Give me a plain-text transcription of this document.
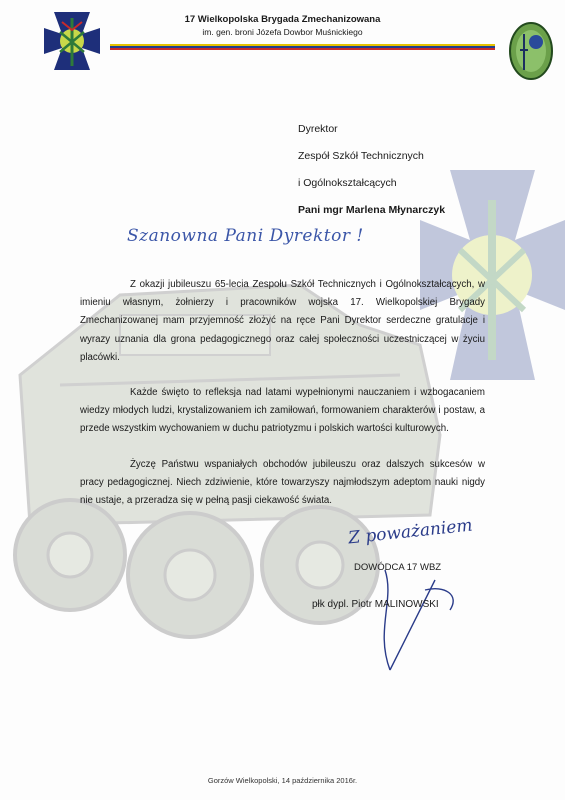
17 Wielkopolska Brygada Zmechanizowana
im. gen. broni Józefa Dowbor Muśnickiego
Dyrektor
Zespół Szkół Technicznych
i Ogólnokształcących
Pani mgr Marlena Młynarczyk
Szanowna Pani Dyrektor !

Z okazji jubileuszu 65-lecia Zespołu Szkół Technicznych i Ogólnokształcących, w imieniu własnym, żołnierzy i pracowników wojska 17. Wielkopolskiej Brygady Zmechanizowanej mam przyjemność złożyć na ręce Pani Dyrektor serdeczne gratulacje i wyrazy uznania dla grona pedagogicznego oraz całej społeczności uczestniczącej w życiu placówki.

Każde święto to refleksja nad latami wypełnionymi nauczaniem i wzbogacaniem wiedzy młodych ludzi, krystalizowaniem ich zamiłowań, formowaniem charakterów i postaw, a przede wszystkim wychowaniem w duchu patriotyzmu i polskich wartości kulturowych.

Życzę Państwu wspaniałych obchodów jubileuszu oraz dalszych sukcesów w pracy pedagogicznej. Niech zdziwienie, które towarzyszy najmłodszym adeptom nauki nigdy nie ustaje, a przeradza się w pełną pasji ciekawość świata.

Z poważaniem
DOWÓDCA 17 WBZ
płk dypl. Piotr MALINOWSKI
Gorzów Wielkopolski, 14 października 2016r.
